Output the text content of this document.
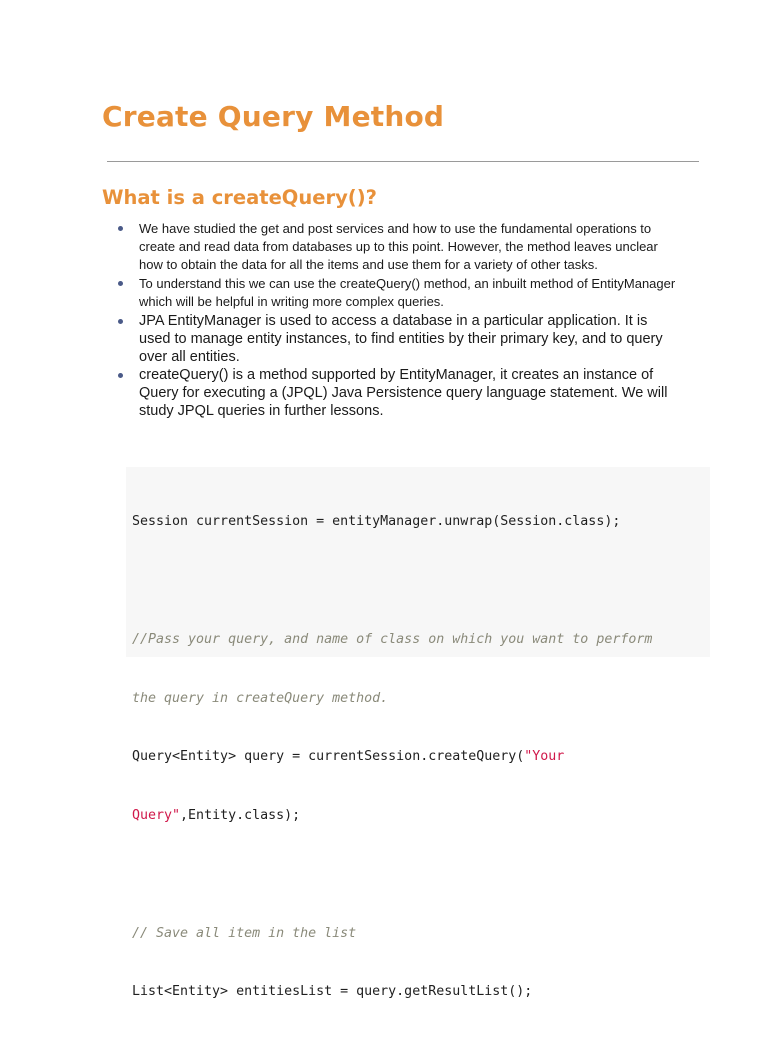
Create Query Method
What is a createQuery()?
We have studied the get and post services and how to use the fundamental operations to create and read data from databases up to this point. However, the method leaves unclear how to obtain the data for all the items and use them for a variety of other tasks.
To understand this we can use the createQuery() method, an inbuilt method of EntityManager which will be helpful in writing more complex queries.
JPA EntityManager is used to access a database in a particular application. It is used to manage entity instances, to find entities by their primary key, and to query over all entities.
createQuery() is a method supported by EntityManager, it creates an instance of Query for executing a (JPQL) Java Persistence query language statement. We will study JPQL queries in further lessons.

Session currentSession = entityManager.unwrap(Session.class);

//Pass your query, and name of class on which you want to perform

the query in createQuery method.

Query<Entity> query = currentSession.createQuery("Your

Query",Entity.class);

// Save all item in the list

List<Entity> entitiesList = query.getResultList();
